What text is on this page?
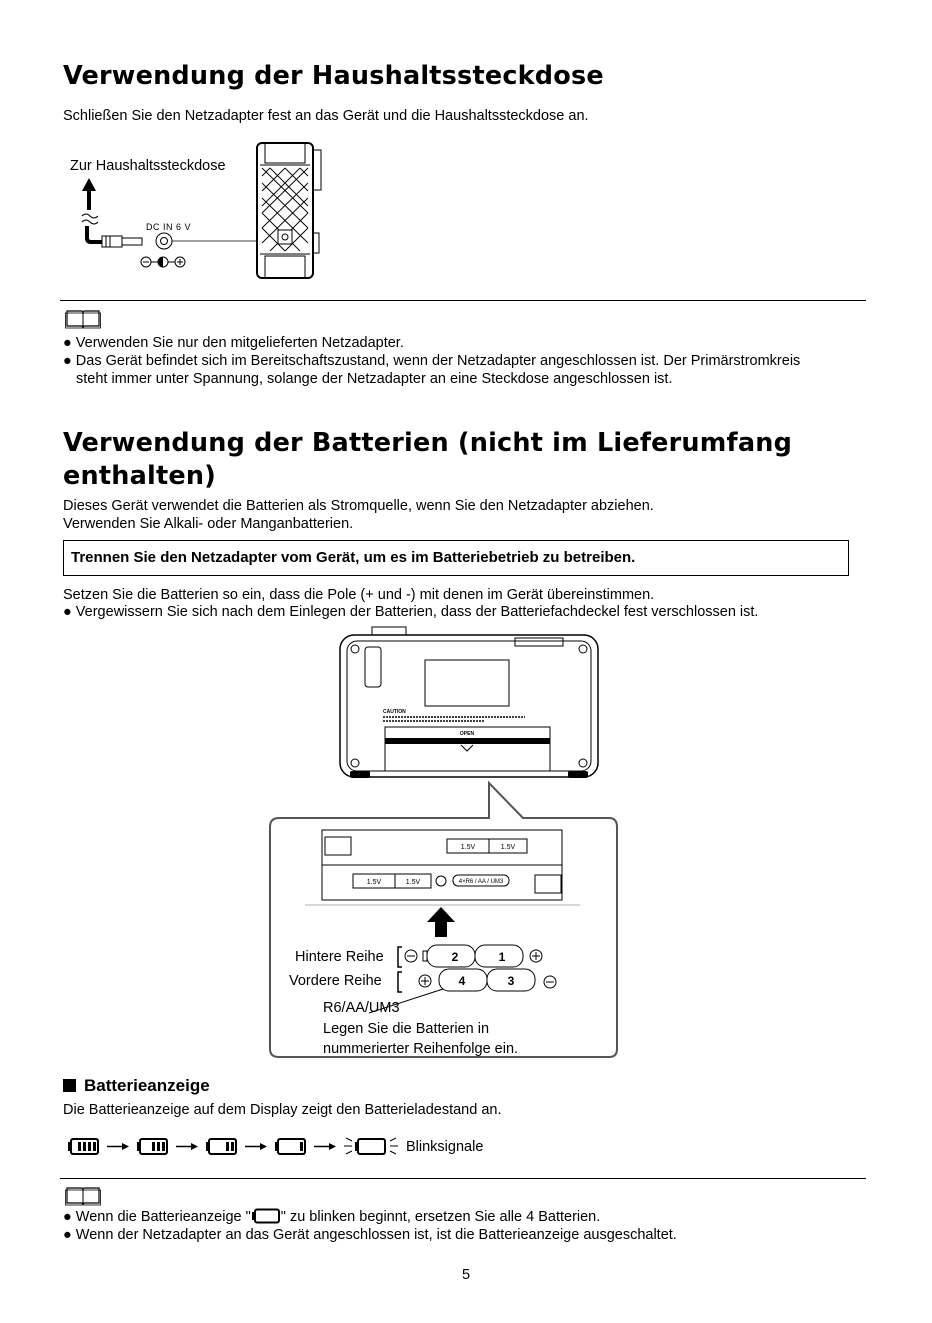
Verwendung der Haushaltssteckdose
Schließen Sie den Netzadapter fest an das Gerät und die Haushaltssteckdose an.
Zur Haushaltssteckdose
DC IN 6 V
● Verwenden Sie nur den mitgelieferten Netzadapter.
● Das Gerät befindet sich im Bereitschaftszustand, wenn der Netzadapter angeschlossen ist. Der Primärstromkreis
steht immer unter Spannung, solange der Netzadapter an eine Steckdose angeschlossen ist.
Verwendung der Batterien (nicht im Lieferumfang
enthalten)
Dieses Gerät verwendet die Batterien als Stromquelle, wenn Sie den Netzadapter abziehen.
Verwenden Sie Alkali- oder Manganbatterien.
Trennen Sie den Netzadapter vom Gerät, um es im Batteriebetrieb zu betreiben.
Setzen Sie die Batterien so ein, dass die Pole (+ und -) mit denen im Gerät übereinstimmen.
● Vergewissern Sie sich nach dem Einlegen der Batterien, dass der Batteriefachdeckel fest verschlossen ist.
CAUTION
OPEN
1.5V	1.5V
1.5V	1.5V	4×R6 / AA / UM3
Hintere Reihe
Vordere Reihe
2	1
4	3
R6/AA/UM3
Legen Sie die Batterien in
nummerierter Reihenfolge ein.
Batterieanzeige
Die Batterieanzeige auf dem Display zeigt den Batterieladestand an.
Blinksignale
● Wenn die Batterieanzeige " " zu blinken beginnt, ersetzen Sie alle 4 Batterien.
● Wenn der Netzadapter an das Gerät angeschlossen ist, ist die Batterieanzeige ausgeschaltet.
5
